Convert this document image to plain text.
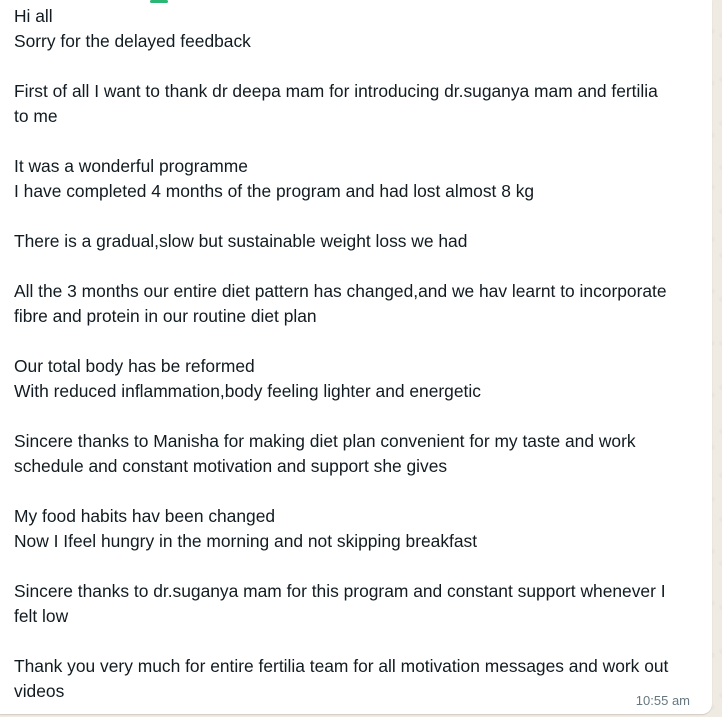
Hi all
Sorry for the delayed feedback
First of all I want to thank dr deepa mam for introducing dr.suganya mam and fertilia
to me
It was a wonderful programme
I have completed 4 months of the program and had lost almost 8 kg
There is a gradual,slow but sustainable weight loss we had
All the 3 months our entire diet pattern has changed,and we hav learnt to incorporate
fibre and protein in our routine diet plan
Our total body has be reformed
With reduced inflammation,body feeling lighter and energetic
Sincere thanks to Manisha for making diet plan convenient for my taste and work
schedule and constant motivation and support she gives
My food habits hav been changed
Now I Ifeel hungry in the morning and not skipping breakfast
Sincere thanks to dr.suganya mam for this program and constant support whenever I
felt low
Thank you very much for entire fertilia team for all motivation messages and work out
videos	10:55 am
